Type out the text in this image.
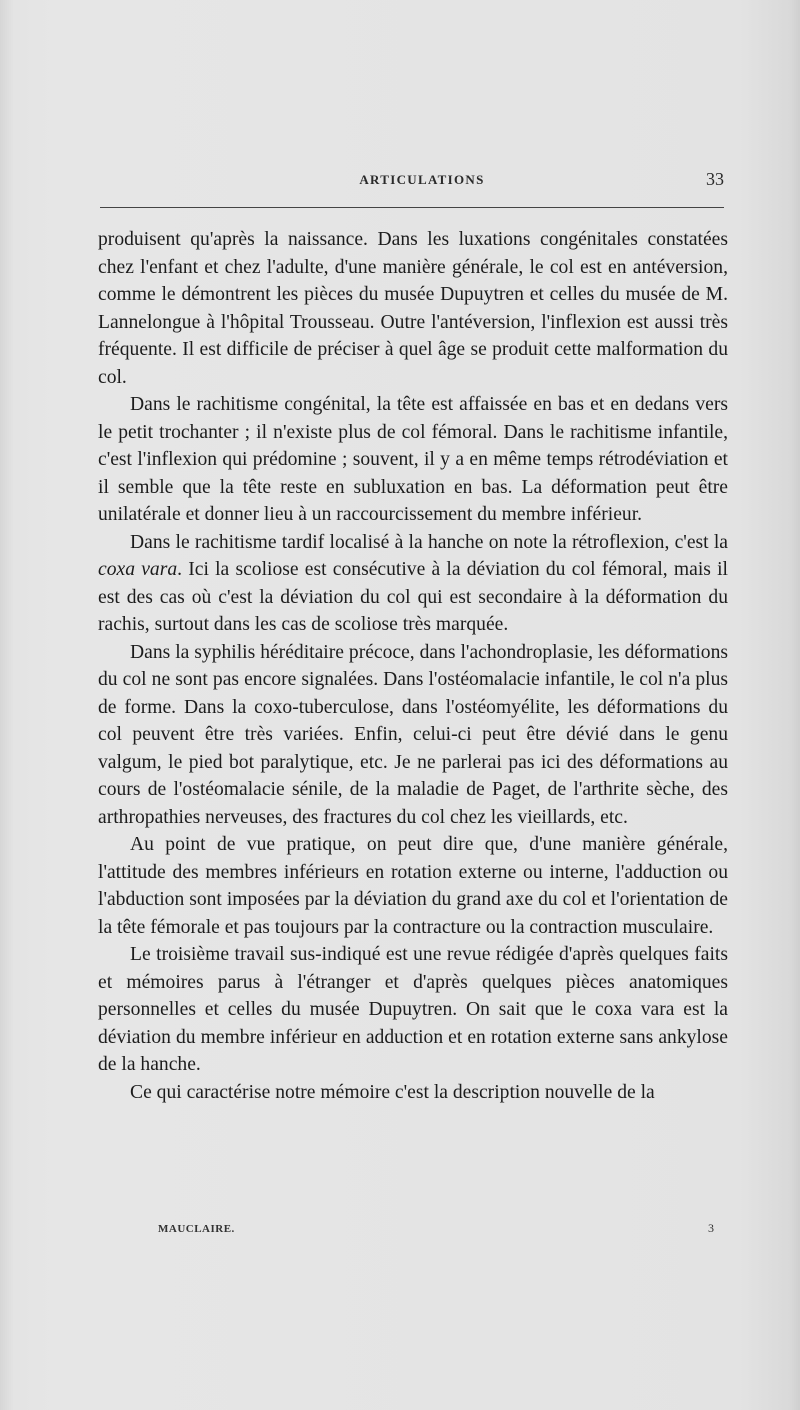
ARTICULATIONS	33

produisent qu'après la naissance. Dans les luxations congénitales constatées chez l'enfant et chez l'adulte, d'une manière générale, le col est en antéversion, comme le démontrent les pièces du musée Dupuytren et celles du musée de M. Lannelongue à l'hôpital Trousseau. Outre l'antéversion, l'inflexion est aussi très fréquente. Il est difficile de préciser à quel âge se produit cette malformation du col.

Dans le rachitisme congénital, la tête est affaissée en bas et en dedans vers le petit trochanter ; il n'existe plus de col fémoral. Dans le rachitisme infantile, c'est l'inflexion qui prédomine ; souvent, il y a en même temps rétrodéviation et il semble que la tête reste en subluxation en bas. La déformation peut être unilatérale et donner lieu à un raccourcissement du membre inférieur.

Dans le rachitisme tardif localisé à la hanche on note la rétroflexion, c'est la coxa vara. Ici la scoliose est consécutive à la déviation du col fémoral, mais il est des cas où c'est la déviation du col qui est secondaire à la déformation du rachis, surtout dans les cas de scoliose très marquée.

Dans la syphilis héréditaire précoce, dans l'achondroplasie, les déformations du col ne sont pas encore signalées. Dans l'ostéomalacie infantile, le col n'a plus de forme. Dans la coxo-tuberculose, dans l'ostéomyélite, les déformations du col peuvent être très variées. Enfin, celui-ci peut être dévié dans le genu valgum, le pied bot paralytique, etc. Je ne parlerai pas ici des déformations au cours de l'ostéomalacie sénile, de la maladie de Paget, de l'arthrite sèche, des arthropathies nerveuses, des fractures du col chez les vieillards, etc.

Au point de vue pratique, on peut dire que, d'une manière générale, l'attitude des membres inférieurs en rotation externe ou interne, l'adduction ou l'abduction sont imposées par la déviation du grand axe du col et l'orientation de la tête fémorale et pas toujours par la contracture ou la contraction musculaire.

Le troisième travail sus-indiqué est une revue rédigée d'après quelques faits et mémoires parus à l'étranger et d'après quelques pièces anatomiques personnelles et celles du musée Dupuytren. On sait que le coxa vara est la déviation du membre inférieur en adduction et en rotation externe sans ankylose de la hanche.

Ce qui caractérise notre mémoire c'est la description nouvelle de la

MAUCLAIRE.	3
